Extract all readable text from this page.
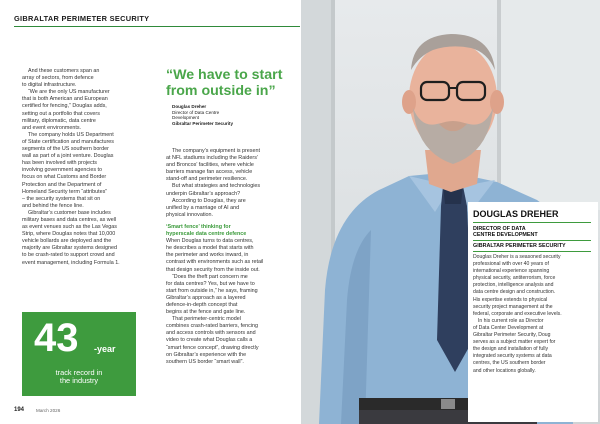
GIBRALTAR PERIMETER SECURITY

And these customers span an

array of sectors, from defence

to digital infrastructure.

“We are the only US manufacturer

that is both American and European

certified for fencing,” Douglas adds,

setting out a portfolio that covers

military, diplomatic, data centre

and event environments.

The company holds US Department

of State certification and manufactures

segments of the US southern border

wall as part of a joint venture. Douglas

has been involved with projects

involving government agencies to

focus on what Customs and Border

Protection and the Department of

Homeland Security term “attributes”

– the security systems that sit on

and behind the fence line.

Gibraltar’s customer base includes

military bases and data centres, as well

as event venues such as the Las Vegas

Strip, where Douglas notes that 10,000

vehicle bollards are deployed and the

majority are Gibraltar systems designed

to be crash-rated to support crowd and

event management, including Formula 1.

“We have to start from outside in”
Douglas Dreher
Director of Data Centre
Development
Gibraltar Perimeter Security

The company’s equipment is present

at NFL stadiums including the Raiders’

and Broncos’ facilities, where vehicle

barriers manage fan access, vehicle

stand-off and perimeter resilience.

But what strategies and technologies

underpin Gibraltar’s approach?

According to Douglas, they are

unified by a marriage of AI and

physical innovation.

‘Smart fence’ thinking for

hyperscale data centre defence

When Douglas turns to data centres,

he describes a model that starts with

the perimeter and works inward, in

contrast with environments such as retail

that design security from the inside out.

“Does the theft part concern me

for data centres? Yes, but we have to

start from outside in,” he says, framing

Gibraltar’s approach as a layered

defence-in-depth concept that

begins at the fence and gate line.

That perimeter-centric model

combines crash-rated barriers, fencing

and access controls with sensors and

video to create what Douglas calls a

“smart fence concept”, drawing directly

on Gibraltar’s experience with the

southern US border “smart wall”.

43 -year
track record in
the industry
194	March 2026
DOUGLAS DREHER
DIRECTOR OF DATA
CENTRE DEVELOPMENT
GIBRALTAR PERIMETER SECURITY

Douglas Dreher is a seasoned security

professional with over 40 years of

international experience spanning

physical security, antiterrorism, force

protection, intelligence analysis and

data centre design and construction.

His expertise extends to physical

security project management at the

federal, corporate and executive levels.

In his current role as Director

of Data Center Development at

Gibraltar Perimeter Security, Doug

serves as a subject matter expert for

the design and installation of fully

integrated security systems at data

centres, the US southern border

and other locations globally.
